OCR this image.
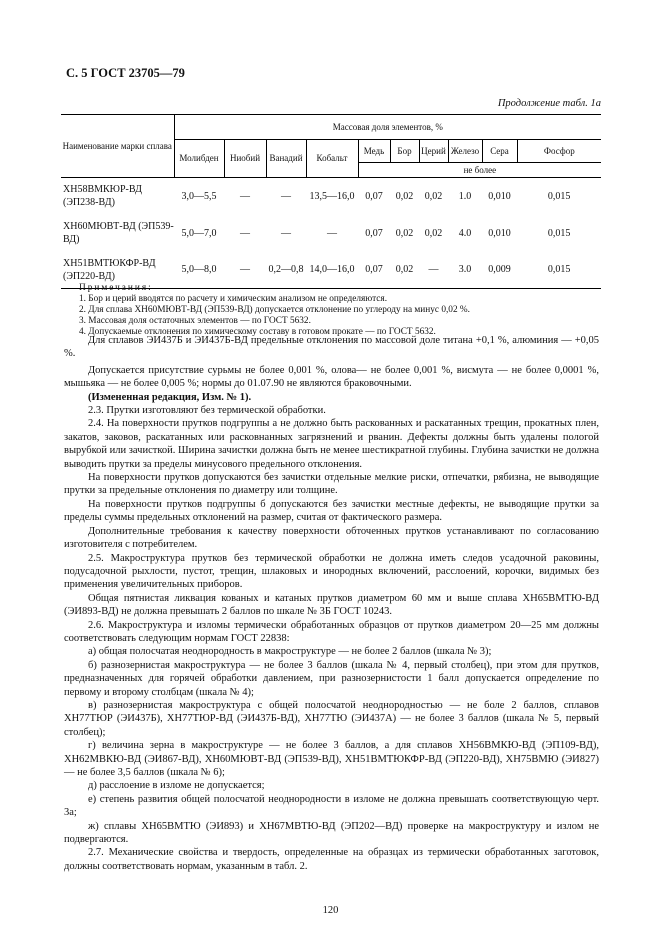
С. 5 ГОСТ 23705—79
Продолжение табл. 1а
Наименование марки сплава	Массовая доля элементов, %									
	Молибден	Ниобий	Ванадий	Кобальт	Медь	Бор	Церий	Железо	Сера	Фосфор
					не более					
ХН58ВМКЮР-ВД (ЭП238-ВД)	3,0—5,5	—	—	13,5—16,0	0,07	0,02	0,02	1.0	0,010	0,015
ХН60МЮВТ-ВД (ЭП539-ВД)	5,0—7,0	—	—	—	0,07	0,02	0,02	4.0	0,010	0,015
ХН51ВМТЮКФР-ВД (ЭП220-ВД)	5,0—8,0	—	0,2—0,8	14,0—16,0	0,07	0,02	—	3.0	0,009	0,015
Примечания:
1. Бор и церий вводятся по расчету и химическим анализом не определяются.
2. Для сплава ХН60МЮВТ-ВД (ЭП539-ВД) допускается отклонение по углероду на минус 0,02 %.
3. Массовая доля остаточных элементов — по ГОСТ 5632.
4. Допускаемые отклонения по химическому составу в готовом прокате — по ГОСТ 5632.

Для сплавов ЭИ437Б и ЭИ437Б-ВД предельные отклонения по массовой доле титана +0,1 %, алюминия — +0,05 %.

Допускается присутствие сурьмы не более 0,001 %, олова— не более 0,001 %, висмута — не более 0,0001 %, мышьяка — не более 0,005 %; нормы до 01.07.90 не являются браковочными.

(Измененная редакция, Изм. № 1).

2.3. Прутки изготовляют без термической обработки.

2.4. На поверхности прутков подгруппы а не должно быть раскованных и раскатанных трещин, прокатных плен, закатов, заковов, раскатанных или расковнанных загрязнений и рванин. Дефекты должны быть удалены пологой вырубкой или зачисткой. Ширина зачистки должна быть не менее шестикратной глубины. Глубина зачистки не должна выводить прутки за пределы минусового предельного отклонения.

На поверхности прутков допускаются без зачистки отдельные мелкие риски, отпечатки, рябизна, не выводящие прутки за предельные отклонения по диаметру или толщине.

На поверхности прутков подгруппы б допускаются без зачистки местные дефекты, не выводящие прутки за пределы суммы предельных отклонений на размер, считая от фактического размера.

Дополнительные требования к качеству поверхности обточенных прутков устанавливают по согласованию изготовителя с потребителем.

2.5. Макроструктура прутков без термической обработки не должна иметь следов усадочной раковины, подусадочной рыхлости, пустот, трещин, шлаковых и инородных включений, расслоений, корочки, видимых без применения увеличительных приборов.

Общая пятнистая ликвация кованых и катаных прутков диаметром 60 мм и выше сплава ХН65ВМТЮ-ВД (ЭИ893-ВД) не должна превышать 2 баллов по шкале № 3Б ГОСТ 10243.

2.6. Макроструктура и изломы термически обработанных образцов от прутков диаметром 20—25 мм должны соответствовать следующим нормам ГОСТ 22838:

а) общая полосчатая неоднородность в макроструктуре — не более 2 баллов (шкала № 3);

б) разнозернистая макроструктура — не более 3 баллов (шкала № 4, первый столбец), при этом для прутков, предназначенных для горячей обработки давлением, при разнозернистости 1 балл допускается определение по первому и второму столбцам (шкала № 4);

в) разнозернистая макроструктура с общей полосчатой неоднородностью — не боле 2 баллов, сплавов ХН77ТЮР (ЭИ437Б), ХН77ТЮР-ВД (ЭИ437Б-ВД), ХН77ТЮ (ЭИ437А) — не более 3 баллов (шкала № 5, первый столбец);

г) величина зерна в макроструктуре — не более 3 баллов, а для сплавов ХН56ВМКЮ-ВД (ЭП109-ВД), ХН62МВКЮ-ВД (ЭИ867-ВД), ХН60МЮВТ-ВД (ЭП539-ВД), ХН51ВМТЮКФР-ВД (ЭП220-ВД), ХН75ВМЮ (ЭИ827) — не более 3,5 баллов (шкала № 6);

д) расслоение в изломе не допускается;

е) степень развития общей полосчатой неоднородности в изломе не должна превышать соответствующую черт. 3а;

ж) сплавы ХН65ВМТЮ (ЭИ893) и ХН67МВТЮ-ВД (ЭП202—ВД) проверке на макроструктуру и излом не подвергаются.

2.7. Механические свойства и твердость, определенные на образцах из термически обработанных заготовок, должны соответствовать нормам, указанным в табл. 2.

120
